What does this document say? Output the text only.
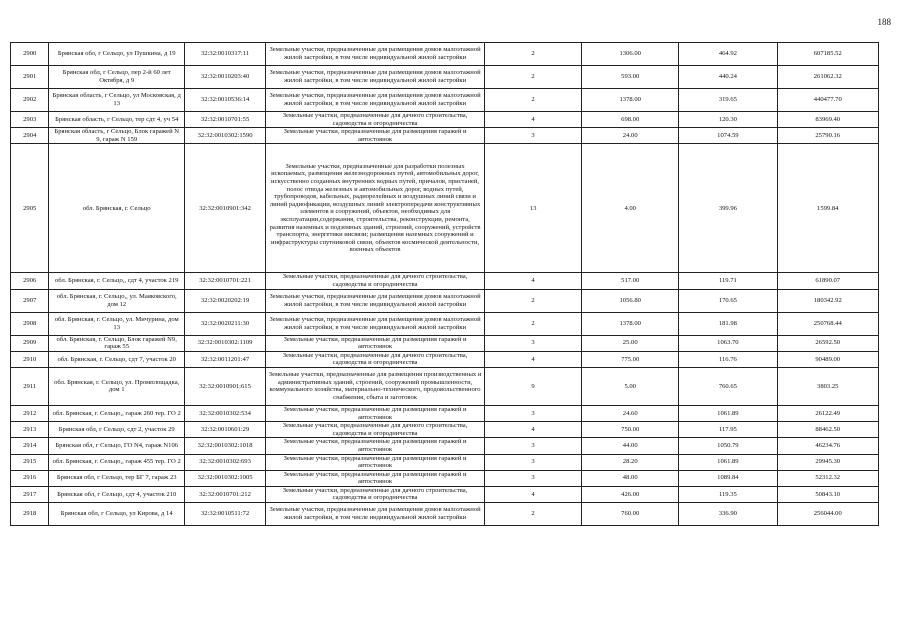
188
2900	Брянская обл, г Сельцо, ул Пушкина, д 19	32:32:0010317:11	Земельные участки, предназначенные для размещения домов малоэтажной жилой застройки, в том числе индивидуальной жилой застройки	2	1306.00	464.92	607185.52
2901	Брянская обл, г Сельцо, пер 2-й 60 лет Октября, д 9	32:32:0010203:40	Земельные участки, предназначенные для размещения домов малоэтажной жилой застройки, в том числе индивидуальной жилой застройки	2	593.00	440.24	261062.32
2902	Брянская область, г Сельцо, ул Московская, д 13	32:32:0010536:14	Земельные участки, предназначенные для размещения домов малоэтажной жилой застройки, в том числе индивидуальной жилой застройки	2	1378.00	319.65	440477.70
2903	Брянская область, г Сельцо, тер сдт 4, уч 54	32:32:0010701:55	Земельные участки, предназначенные для дачного строительства, садоводства и огородничества	4	698.00	120.30	83969.40
2904	Брянская область, г Сельцо, Блок гаражей N 9, гараж N 159	32:32:0010302:1590	Земельные участки, предназначенные для размещения гаражей и автостоянок	3	24.00	1074.59	25790.16
2905	обл. Брянская, г. Сельцо	32:32:0010901:342	Земельные участки, предназначенные для разработки полезных ископаемых, размещения железнодорожных путей, автомобильных дорог, искусственно созданных внутренних водных путей, причалов, пристаней, полос отвода железных и автомобильных дорог, водных путей, трубопроводов, кабельных, радиорелейных и воздушных линий связи и линий радиофикации, воздушных линий электропередачи конструктивных элементов и сооружений, объектов, необходимых для эксплуатации,содержания, строительства, реконструкции, ремонта, развития наземных и подземных зданий, строений, сооружений, устройств транспорта, энергетики иисвязи; размещения наземных сооружений и инфраструктуры спутниковой связи, объектов космической деятельности, военных объектов	13	4.00	399.96	1599.84
2906	обл. Брянская, г. Сельцо,, сдт 4, участок 219	32:32:0010701:221	Земельные участки, предназначенные для дачного строительства, садоводства и огородничества	4	517.00	119.71	61890.07
2907	обл. Брянская, г. Сельцо,, ул. Маяковского, дом 12	32:32:0020202:19	Земельные участки, предназначенные для размещения домов малоэтажной жилой застройки, в том числе индивидуальной жилой застройки	2	1056.80	170.65	180342.92
2908	обл. Брянская, г. Сельцо, ул. Мичурина, дом 13	32:32:0020211:30	Земельные участки, предназначенные для размещения домов малоэтажной жилой застройки, в том числе индивидуальной жилой застройки	2	1378.00	181.98	250768.44
2909	обл. Брянская, г. Сельцо, Блок гаражей N9, гараж 55	32:32:0010302:1109	Земельные участки, предназначенные для размещения гаражей и автостоянок	3	25.00	1063.70	26592.50
2910	обл. Брянская, г. Сельцо, сдт 7, участок 20	32:32:0011201:47	Земельные участки, предназначенные для дачного строительства, садоводства и огородничества	4	775.00	116.76	90489.00
2911	обл. Брянская, г. Сельцо, ул. Промплощадка, дом 1	32:32:0010901:615	Земельные участки, предназначенные для размещения производственных и административных зданий, строений, сооружений промышленности, коммунального хозяйства, материально-технического, продовольственного снабжения, сбыта и заготовок	9	5.00	760.65	3803.25
2912	обл. Брянская, г. Сельцо,, гараж 260 тер. ГО 2	32:32:0010302:534	Земельные участки, предназначенные для размещения гаражей и автостоянок	3	24.60	1061.89	26122.49
2913	Брянская обл, г Сельцо, сдт 2, участок 29	32:32:0010601:29	Земельные участки, предназначенные для дачного строительства, садоводства и огородничества	4	750.00	117.95	88462.50
2914	Брянская обл, г Сельцо, ГО N4, гараж N106	32:32:0010302:1018	Земельные участки, предназначенные для размещения гаражей и автостоянок	3	44.00	1050.79	46234.76
2915	обл. Брянская, г. Сельцо,, гараж 455 тер. ГО 2	32:32:0010302:693	Земельные участки, предназначенные для размещения гаражей и автостоянок	3	28.20	1061.89	29945.30
2916	Брянская обл, г Сельцо, тер БГ 7, гараж 23	32:32:0010302:1005	Земельные участки, предназначенные для размещения гаражей и автостоянок	3	48.00	1089.84	52312.32
2917	Брянская обл, г Сельцо, сдт 4, участок 210	32:32:0010701:212	Земельные участки, предназначенные для дачного строительства, садоводства и огородничества	4	426.00	119.35	50843.10
2918	Брянская обл, г Сельцо, ул Кирова, д 14	32:32:0010511:72	Земельные участки, предназначенные для размещения домов малоэтажной жилой застройки, в том числе индивидуальной жилой застройки	2	760.00	336.90	256044.00
